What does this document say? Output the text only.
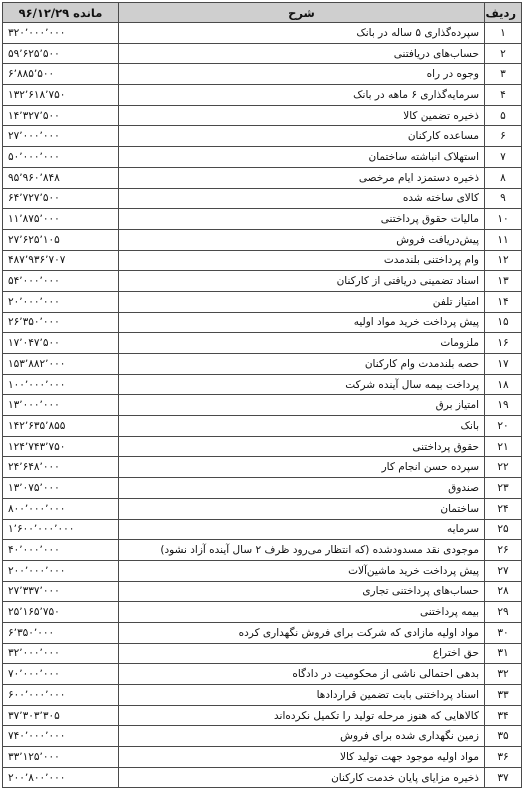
ردیف	شرح	مانده ۹۶/۱۲/۲۹
۱	سپرده‌گذاری ۵ ساله در بانک	۳۲۰٬۰۰۰٬۰۰۰
۲	حساب‌های دریافتنی	۵۹٬۶۲۵٬۵۰۰
۳	وجوه در راه	۶٬۸۸۵٬۵۰۰
۴	سرمایه‌گذاری ۶ ماهه در بانک	۱۳۲٬۶۱۸٬۷۵۰
۵	ذخیره تضمین کالا	۱۴٬۳۲۷٬۵۰۰
۶	مساعده کارکنان	۲۷٬۰۰۰٬۰۰۰
۷	استهلاک انباشته ساختمان	۵۰٬۰۰۰٬۰۰۰
۸	ذخیره دستمزد ایام مرخصی	۹۵٬۹۶۰٬۸۴۸
۹	کالای ساخته شده	۶۴٬۷۲۷٬۵۰۰
۱۰	مالیات حقوق پرداختنی	۱۱٬۸۷۵٬۰۰۰
۱۱	پیش‌دریافت فروش	۲۷٬۶۲۵٬۱۰۵
۱۲	وام پرداختنی بلندمدت	۴۸۷٬۹۳۶٬۷۰۷
۱۳	اسناد تضمینی دریافتی از کارکنان	۵۴٬۰۰۰٬۰۰۰
۱۴	امتیاز تلفن	۲۰٬۰۰۰٬۰۰۰
۱۵	پیش پرداخت خرید مواد اولیه	۲۶٬۳۵۰٬۰۰۰
۱۶	ملزومات	۱۷٬۰۴۷٬۵۰۰
۱۷	حصه بلندمدت وام کارکنان	۱۵۳٬۸۸۲٬۰۰۰
۱۸	پرداخت بیمه سال آینده شرکت	۱۰۰٬۰۰۰٬۰۰۰
۱۹	امتیاز برق	۱۳٬۰۰۰٬۰۰۰
۲۰	بانک	۱۴۲٬۶۳۵٬۸۵۵
۲۱	حقوق پرداختنی	۱۲۴٬۷۴۳٬۷۵۰
۲۲	سپرده حسن انجام کار	۲۴٬۶۴۸٬۰۰۰
۲۳	صندوق	۱۳٬۰۷۵٬۰۰۰
۲۴	ساختمان	۸۰۰٬۰۰۰٬۰۰۰
۲۵	سرمایه	۱٬۶۰۰٬۰۰۰٬۰۰۰
۲۶	موجودی نقد مسدودشده (که انتظار می‌رود ظرف ۲ سال آینده آزاد نشود)	۴۰٬۰۰۰٬۰۰۰
۲۷	پیش پرداخت خرید ماشین‌آلات	۲۰۰٬۰۰۰٬۰۰۰
۲۸	حساب‌های پرداختنی تجاری	۲۷٬۳۳۷٬۰۰۰
۲۹	بیمه پرداختنی	۲۵٬۱۶۵٬۷۵۰
۳۰	مواد اولیه مازادی که شرکت برای فروش نگهداری کرده	۶٬۳۵۰٬۰۰۰
۳۱	حق اختراع	۳۲٬۰۰۰٬۰۰۰
۳۲	بدهی احتمالی ناشی از محکومیت در دادگاه	۷۰٬۰۰۰٬۰۰۰
۳۳	اسناد پرداختنی بابت تضمین قراردادها	۶۰۰٬۰۰۰٬۰۰۰
۳۴	کالاهایی که هنوز مرحله تولید را تکمیل نکرده‌اند	۳۷٬۳۰۳٬۳۰۵
۳۵	زمین نگهداری شده برای فروش	۷۴۰٬۰۰۰٬۰۰۰
۳۶	مواد اولیه موجود جهت تولید کالا	۳۳٬۱۲۵٬۰۰۰
۳۷	ذخیره مزایای پایان خدمت کارکنان	۲۰۰٬۸۰۰٬۰۰۰
